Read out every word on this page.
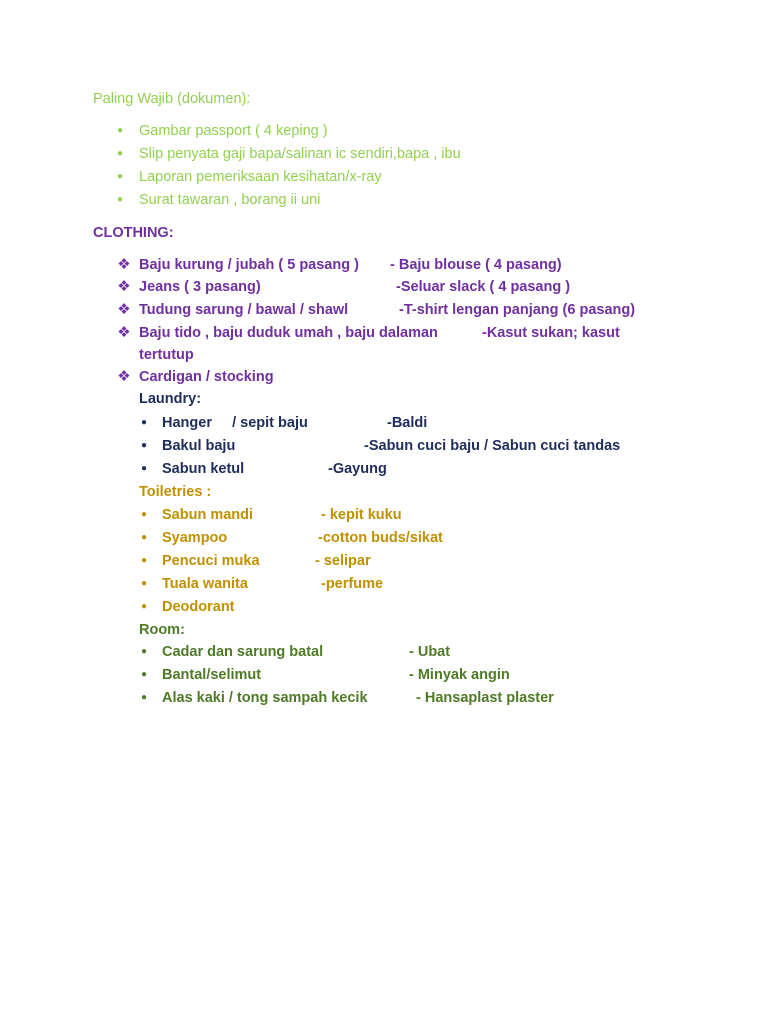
Paling Wajib (dokumen):
● Gambar passport ( 4 keping )
● Slip penyata gaji bapa/salinan ic sendiri,bapa , ibu
● Laporan pemeriksaan kesihatan/x-ray
● Surat tawaran , borang ii uni
CLOTHING:
❖ Baju kurung / jubah ( 5 pasang ) - Baju blouse ( 4 pasang)
❖ Jeans ( 3 pasang)	-Seluar slack ( 4 pasang )
❖ Tudung sarung / bawal / shawl	-T-shirt lengan panjang (6 pasang)
❖ Baju tido , baju duduk umah , baju dalaman	-Kasut sukan; kasut
tertutup
❖ Cardigan / stocking
Laundry:
● Hanger     / sepit baju	-Baldi
● Bakul baju	-Sabun cuci baju / Sabun cuci tandas
● Sabun ketul	-Gayung
Toiletries :
● Sabun mandi	- kepit kuku
● Syampoo	-cotton buds/sikat
● Pencuci muka	- selipar
● Tuala wanita	-perfume
● Deodorant
Room:
● Cadar dan sarung batal	- Ubat
● Bantal/selimut	- Minyak angin
● Alas kaki / tong sampah kecik	- Hansaplast plaster
